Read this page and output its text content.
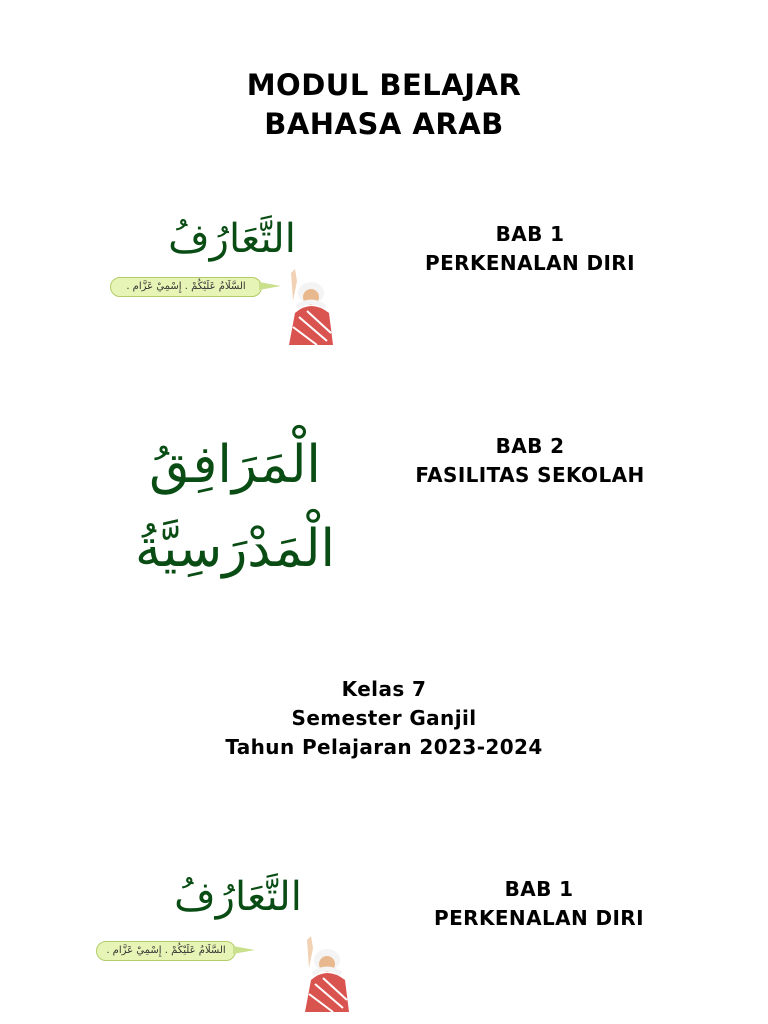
MODUL BELAJAR
BAHASA ARAB
التَّعَارُفُ
السَّلَامُ عَلَيْكُمْ . إِسْمِيْ عَزَّام .
BAB 1
PERKENALAN DIRI
الْمَرَافِقُ
الْمَدْرَسِيَّةُ
BAB 2
FASILITAS SEKOLAH
Kelas 7
Semester Ganjil
Tahun Pelajaran 2023-2024
التَّعَارُفُ
السَّلَامُ عَلَيْكُمْ . إِسْمِيْ عَزَّام .
BAB 1
PERKENALAN DIRI
